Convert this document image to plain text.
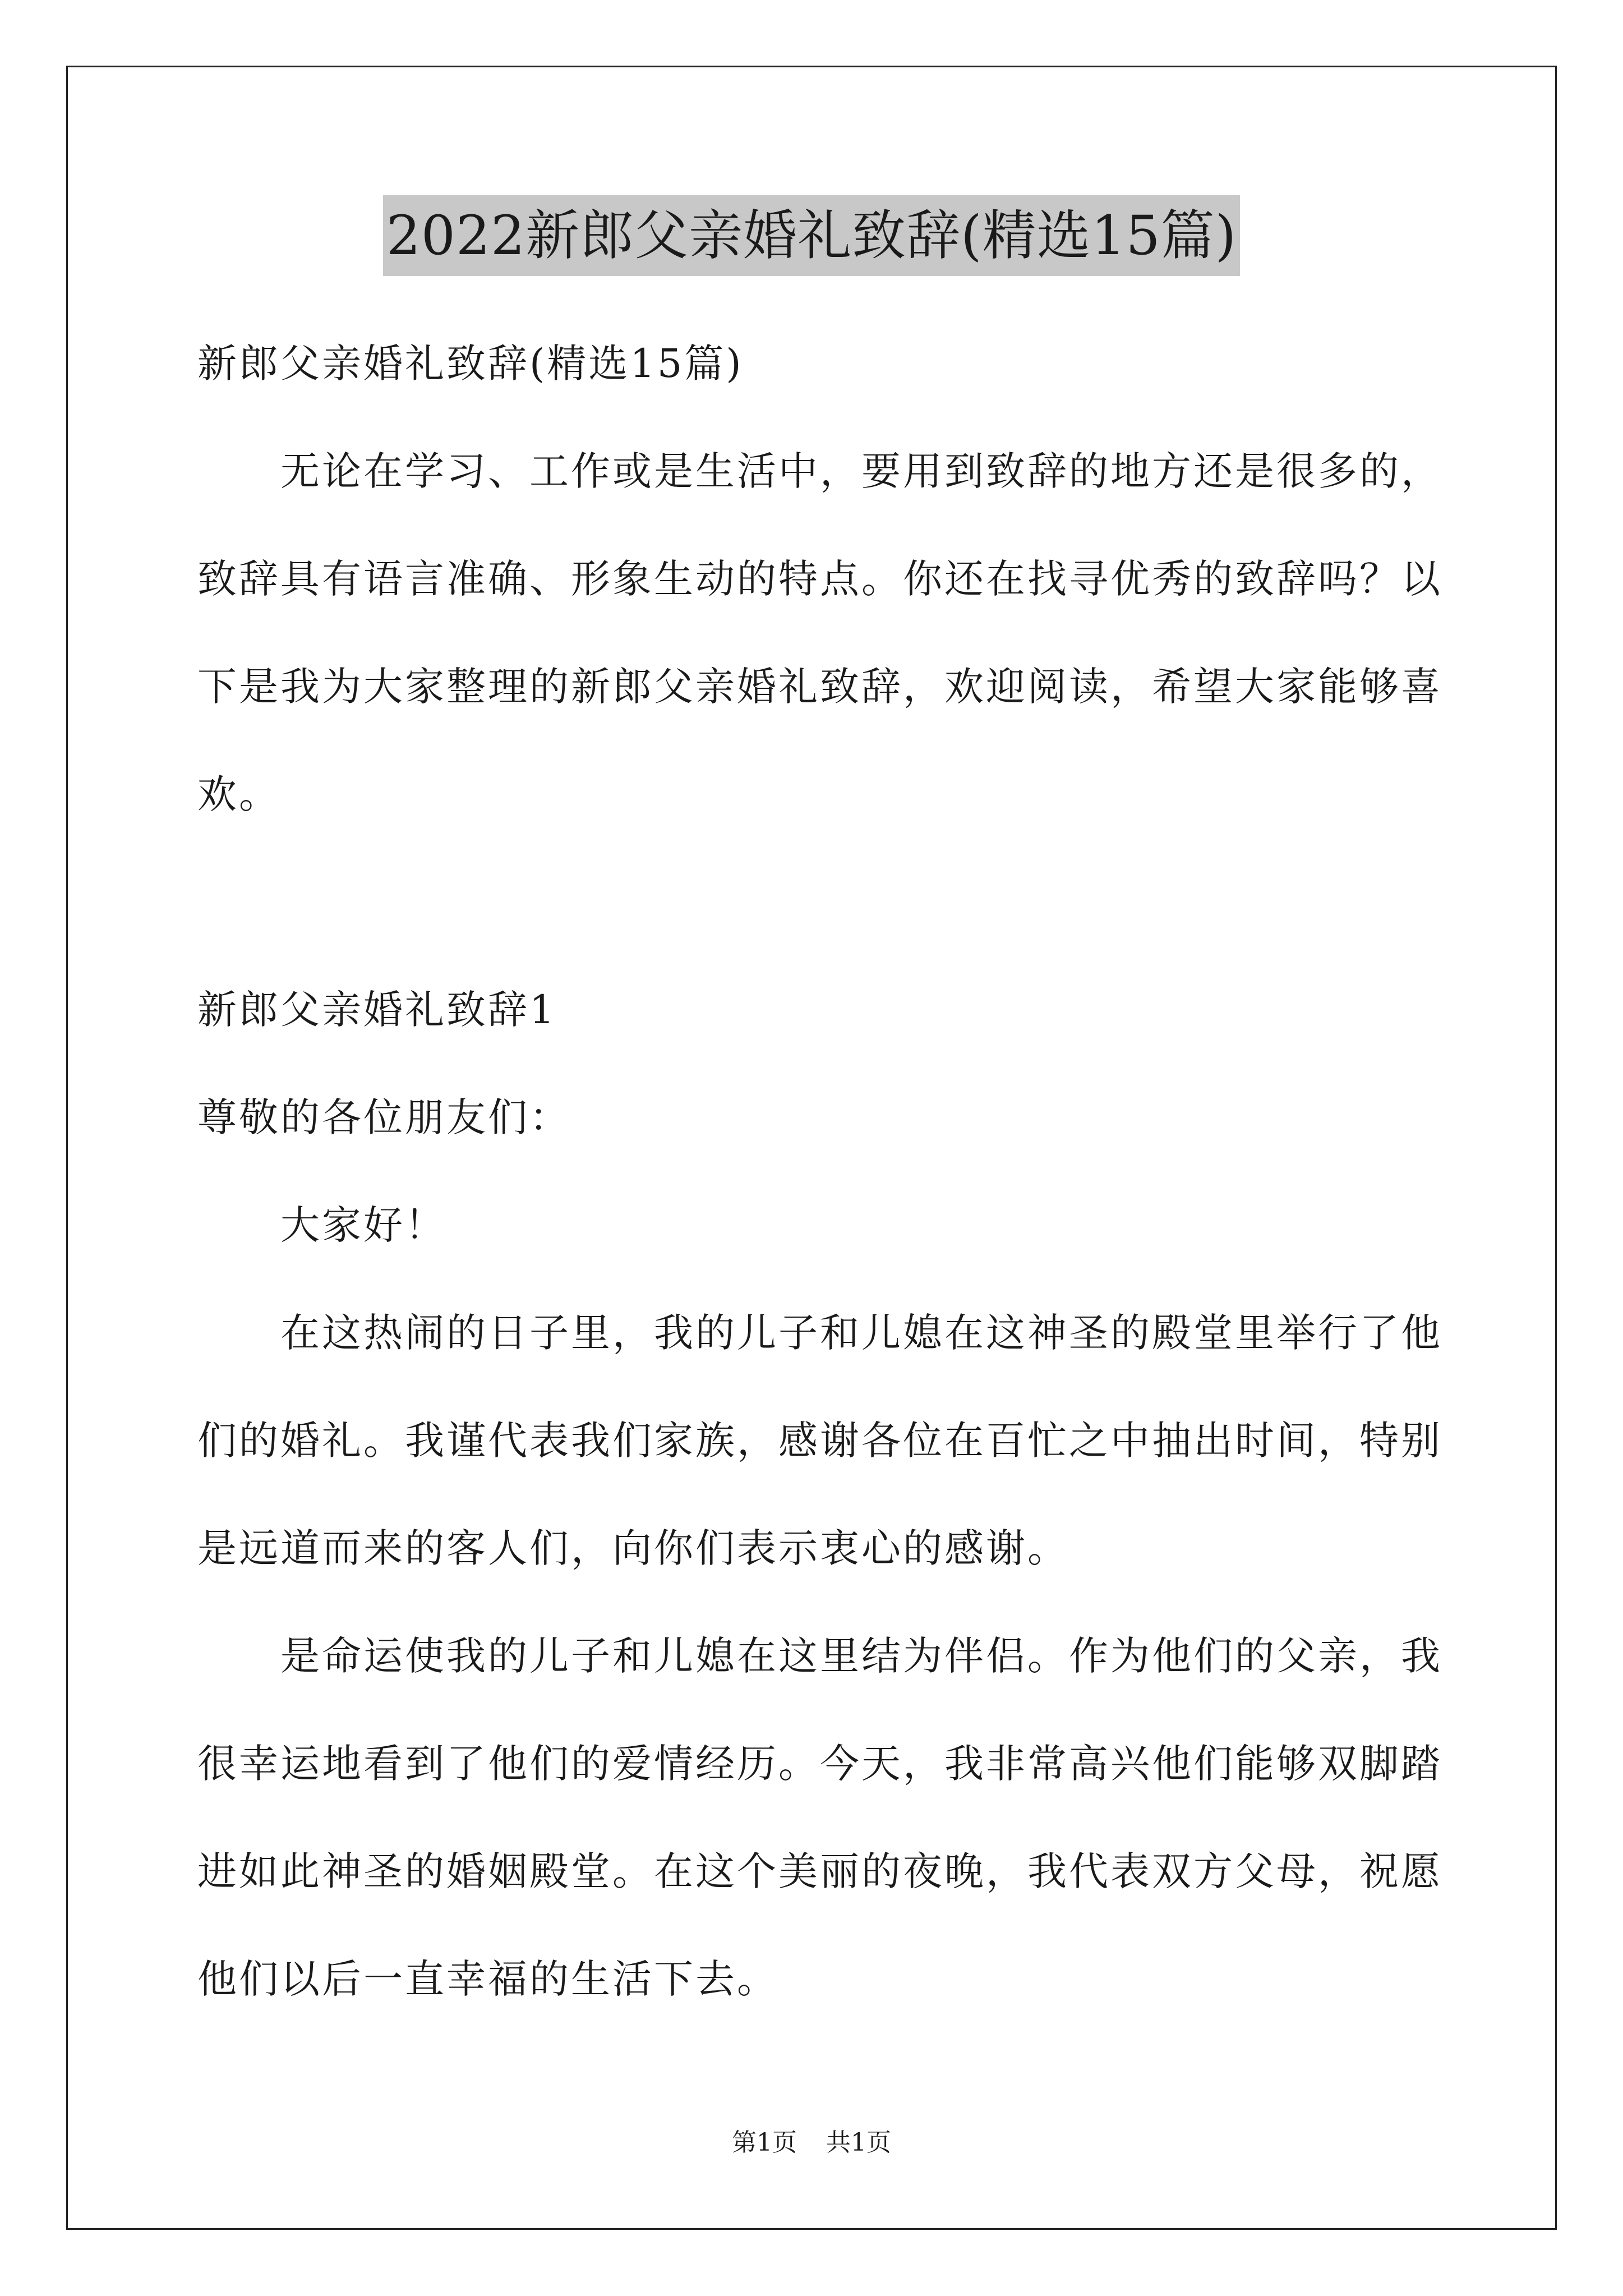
2022新郎父亲婚礼致辞(精选15篇)

新郎父亲婚礼致辞(精选15篇)

无论在学习、工作或是生活中，要用到致辞的地方还是很多的，

致辞具有语言准确、形象生动的特点。你还在找寻优秀的致辞吗？以

下是我为大家整理的新郎父亲婚礼致辞，欢迎阅读，希望大家能够喜

欢。

新郎父亲婚礼致辞1

尊敬的各位朋友们：

大家好！

在这热闹的日子里，我的儿子和儿媳在这神圣的殿堂里举行了他

们的婚礼。我谨代表我们家族，感谢各位在百忙之中抽出时间，特别

是远道而来的客人们，向你们表示衷心的感谢。

是命运使我的儿子和儿媳在这里结为伴侣。作为他们的父亲，我

很幸运地看到了他们的爱情经历。今天，我非常高兴他们能够双脚踏

进如此神圣的婚姻殿堂。在这个美丽的夜晚，我代表双方父母，祝愿

他们以后一直幸福的生活下去。

第1页 共1页
